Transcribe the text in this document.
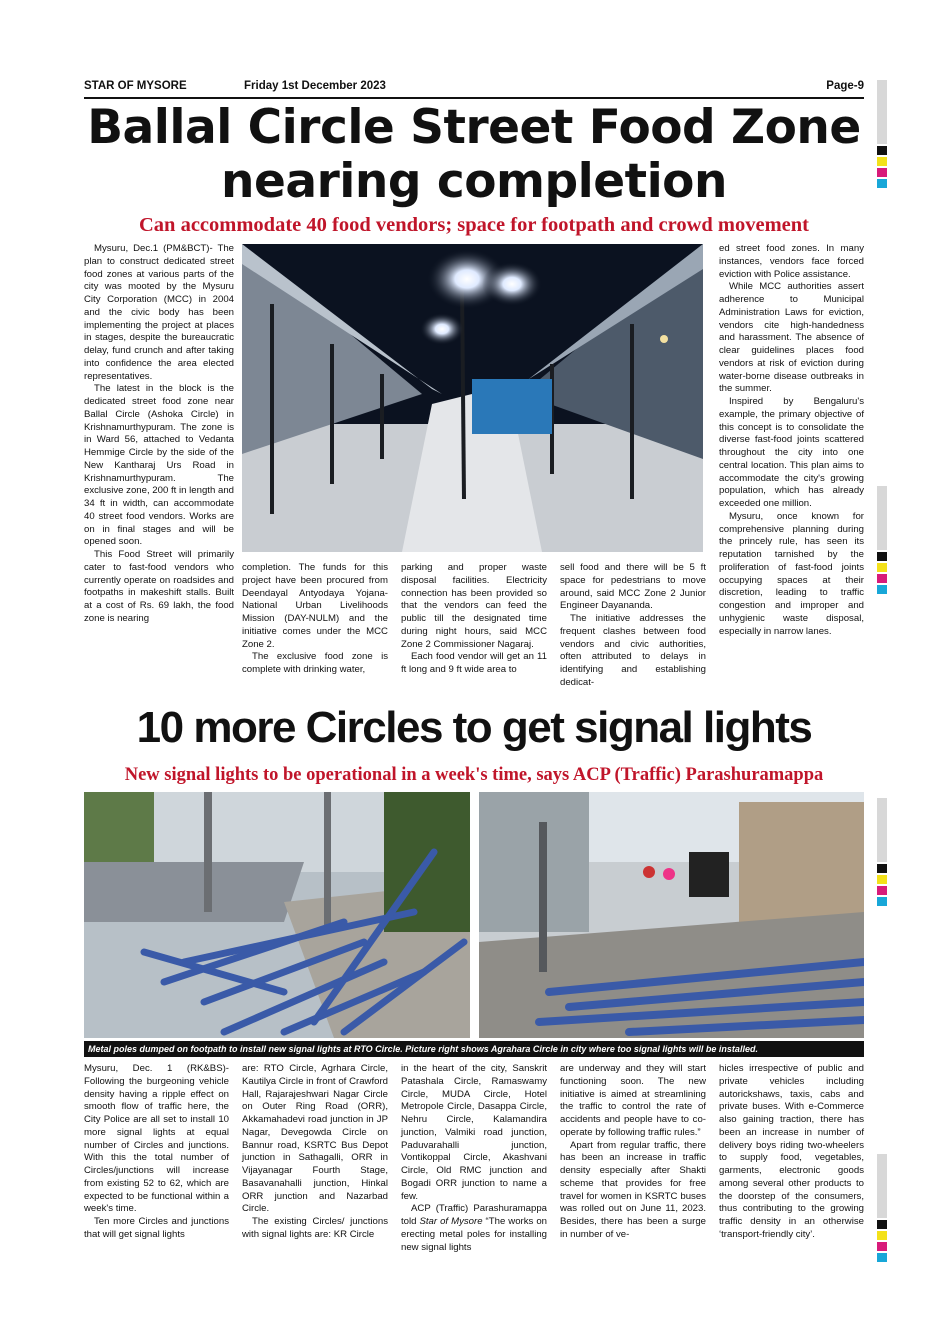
STAR OF MYSORE	Friday 1st December 2023	Page-9
Ballal Circle Street Food Zone
nearing completion
Can accommodate 40 food vendors; space for footpath and crowd movement

Mysuru, Dec.1 (PM&BCT)- The plan to construct dedicated street food zones at various parts of the city was mooted by the Mysuru City Corporation (MCC) in 2004 and the civic body has been implementing the project at places in stages, despite the bureaucratic delay, fund crunch and after taking into confidence the area elected representatives.

The latest in the block is the dedicated street food zone near Ballal Circle (Ashoka Circle) in Krishnamurthypuram. The zone is in Ward 56, attached to Vedanta Hemmige Circle by the side of the New Kantharaj Urs Road in Krishnamurthypuram. The exclusive zone, 200 ft in length and 34 ft in width, can accommodate 40 street food vendors. Works are on in final stages and will be opened soon.

This Food Street will primarily cater to fast-food vendors who currently operate on roadsides and footpaths in makeshift stalls. Built at a cost of Rs. 69 lakh, the food zone is nearing

completion. The funds for this project have been procured from Deendayal Antyodaya Yojana-National Urban Livelihoods Mission (DAY-NULM) and the initiative comes under the MCC Zone 2.

The exclusive food zone is complete with drinking water,

parking and proper waste disposal facilities. Electricity connection has been provided so that the vendors can feed the public till the designated time during night hours, said MCC Zone 2 Commissioner Nagaraj.

Each food vendor will get an 11 ft long and 9 ft wide area to

sell food and there will be 5 ft space for pedestrians to move around, said MCC Zone 2 Junior Engineer Dayananda.

The initiative addresses the frequent clashes between food vendors and civic authorities, often attributed to delays in identifying and establishing dedicat-

ed street food zones. In many instances, vendors face forced eviction with Police assistance.

While MCC authorities assert adherence to Municipal Administration Laws for eviction, vendors cite high-handedness and harassment. The absence of clear guidelines places food vendors at risk of eviction during water-borne disease outbreaks in the summer.

Inspired by Bengaluru's example, the primary objective of this concept is to consolidate the diverse fast-food joints scattered throughout the city into one central location. This plan aims to accommodate the city's growing population, which has already exceeded one million.

Mysuru, once known for comprehensive planning during the princely rule, has seen its reputation tarnished by the proliferation of fast-food joints occupying spaces at their discretion, leading to traffic congestion and improper and unhygienic waste disposal, especially in narrow lanes.

10 more Circles to get signal lights
New signal lights to be operational in a week's time, says ACP (Traffic) Parashuramappa
Metal poles dumped on footpath to install new signal lights at RTO Circle. Picture right shows Agrahara Circle in city where too signal lights will be installed.

Mysuru, Dec. 1 (RK&BS)- Following the burgeoning vehicle density having a ripple effect on smooth flow of traffic here, the City Police are all set to install 10 more signal lights at equal number of Circles and junctions. With this the total number of Circles/junctions will increase from existing 52 to 62, which are expected to be functional within a week's time.

Ten more Circles and junctions that will get signal lights

are: RTO Circle, Agrhara Circle, Kautilya Circle in front of Crawford Hall, Rajarajeshwari Nagar Circle on Outer Ring Road (ORR), Akkamahadevi road junction in JP Nagar, Devegowda Circle on Bannur road, KSRTC Bus Depot junction in Sathagalli, ORR in Vijayanagar Fourth Stage, Basavanahalli junction, Hinkal ORR junction and Nazarbad Circle.

The existing Circles/ junctions with signal lights are: KR Circle

in the heart of the city, Sanskrit Patashala Circle, Ramaswamy Circle, MUDA Circle, Hotel Metropole Circle, Dasappa Circle, Nehru Circle, Kalamandira junction, Valmiki road junction, Paduvarahalli junction, Vontikoppal Circle, Akashvani Circle, Old RMC junction and Bogadi ORR junction to name a few.

ACP (Traffic) Parashuramappa told Star of Mysore “The works on erecting metal poles for installing new signal lights

are underway and they will start functioning soon. The new initiative is aimed at streamlining the traffic to control the rate of accidents and people have to co-operate by following traffic rules.”

Apart from regular traffic, there has been an increase in traffic density especially after Shakti scheme that provides for free travel for women in KSRTC buses was rolled out on June 11, 2023. Besides, there has been a surge in number of ve-

hicles irrespective of public and private vehicles including autorickshaws, taxis, cabs and private buses. With e-Commerce also gaining traction, there has been an increase in number of delivery boys riding two-wheelers to supply food, vegetables, garments, electronic goods among several other products to the doorstep of the consumers, thus contributing to the growing traffic density in an otherwise ‘transport-friendly city’.
